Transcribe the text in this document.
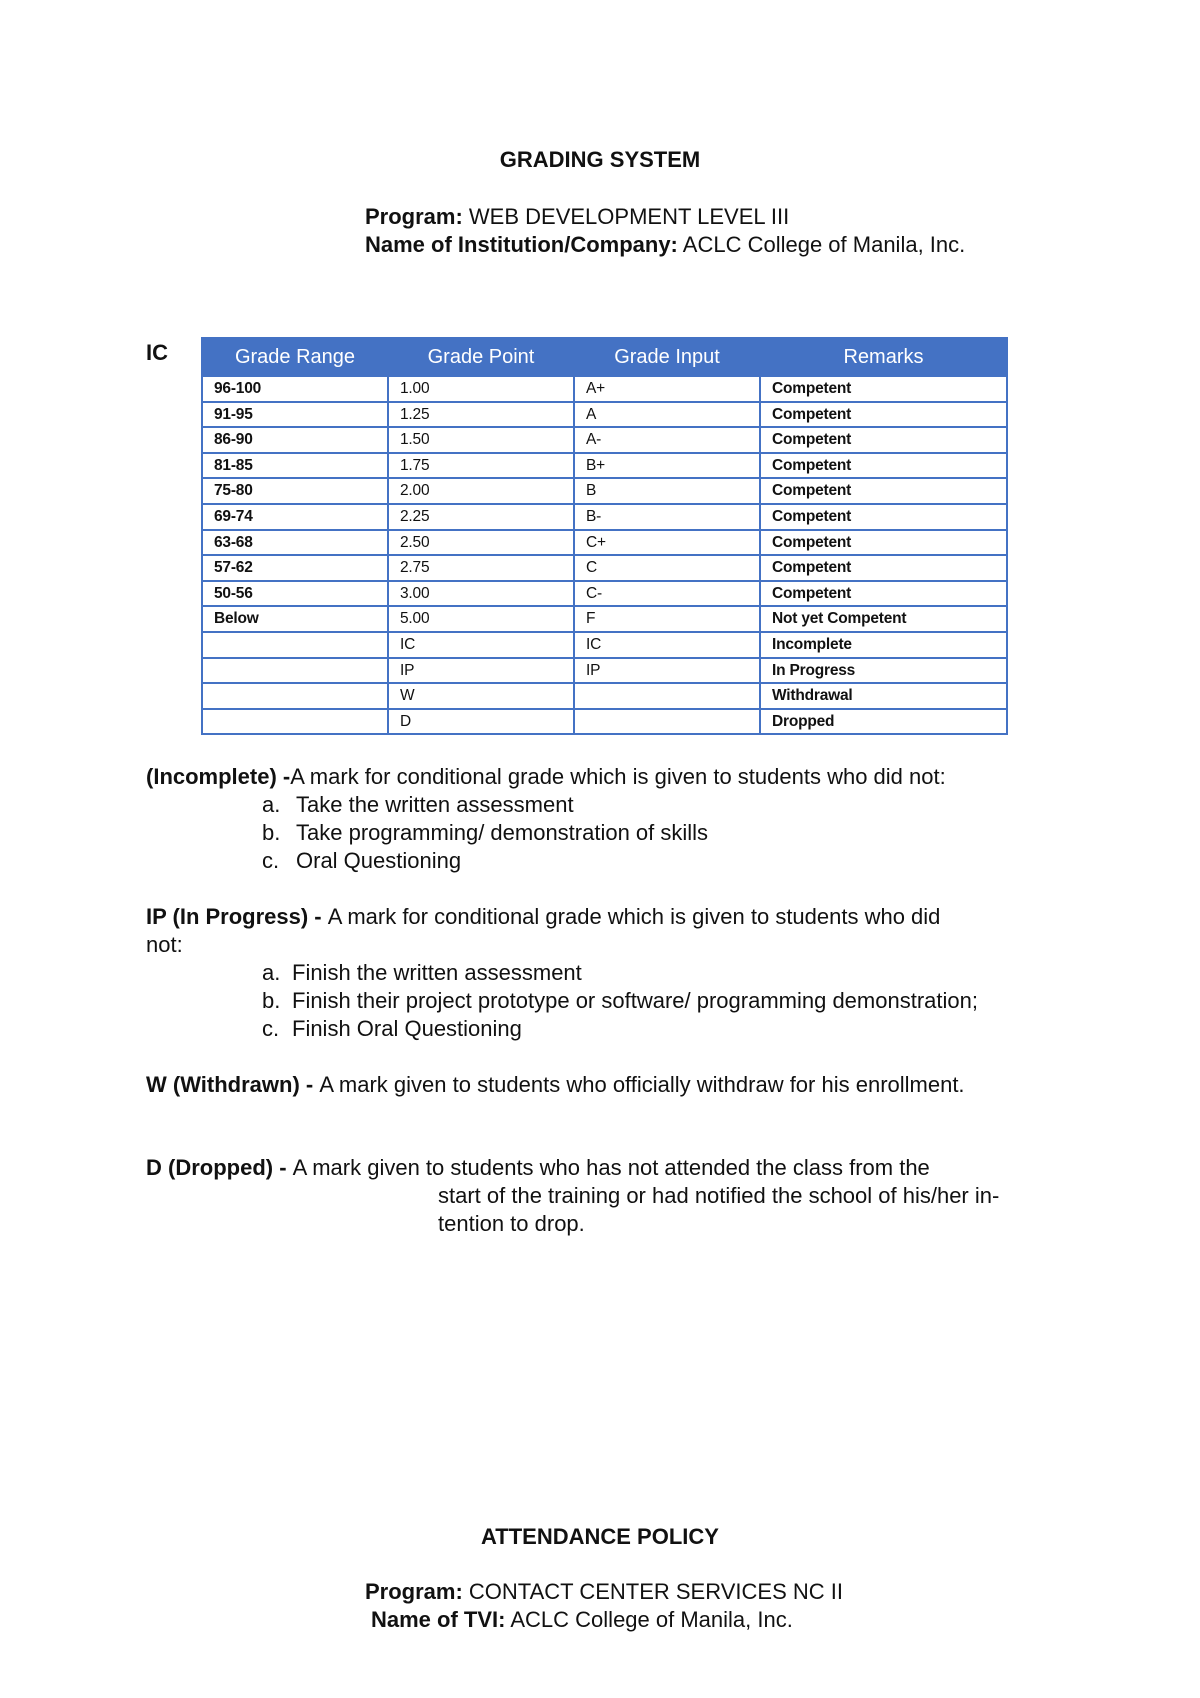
GRADING SYSTEM
Program: WEB DEVELOPMENT LEVEL III
Name of Institution/Company: ACLC College of Manila, Inc.
IC	Grade Range	Grade Point	Grade Input	Remarks
96-100	1.00	A+	Competent
91-95	1.25	A	Competent
86-90	1.50	A-	Competent
81-85	1.75	B+	Competent
75-80	2.00	B	Competent
69-74	2.25	B-	Competent
63-68	2.50	C+	Competent
57-62	2.75	C	Competent
50-56	3.00	C-	Competent
Below	5.00	F	Not yet Competent
	IC	IC	Incomplete
	IP	IP	In Progress
	W		Withdrawal
	D		Dropped
(Incomplete) -A mark for conditional grade which is given to students who did not:
a. Take the written assessment
b. Take programming/ demonstration of skills
c. Oral Questioning
IP (In Progress) - A mark for conditional grade which is given to students who did
not:
a. Finish the written assessment
b. Finish their project prototype or software/ programming demonstration;
c. Finish Oral Questioning
W (Withdrawn) - A mark given to students who officially withdraw for his enrollment.
D (Dropped) - A mark given to students who has not attended the class from the
start of the training or had notified the school of his/her in-
tention to drop.
ATTENDANCE POLICY
Program: CONTACT CENTER SERVICES NC II
Name of TVI: ACLC College of Manila, Inc.
